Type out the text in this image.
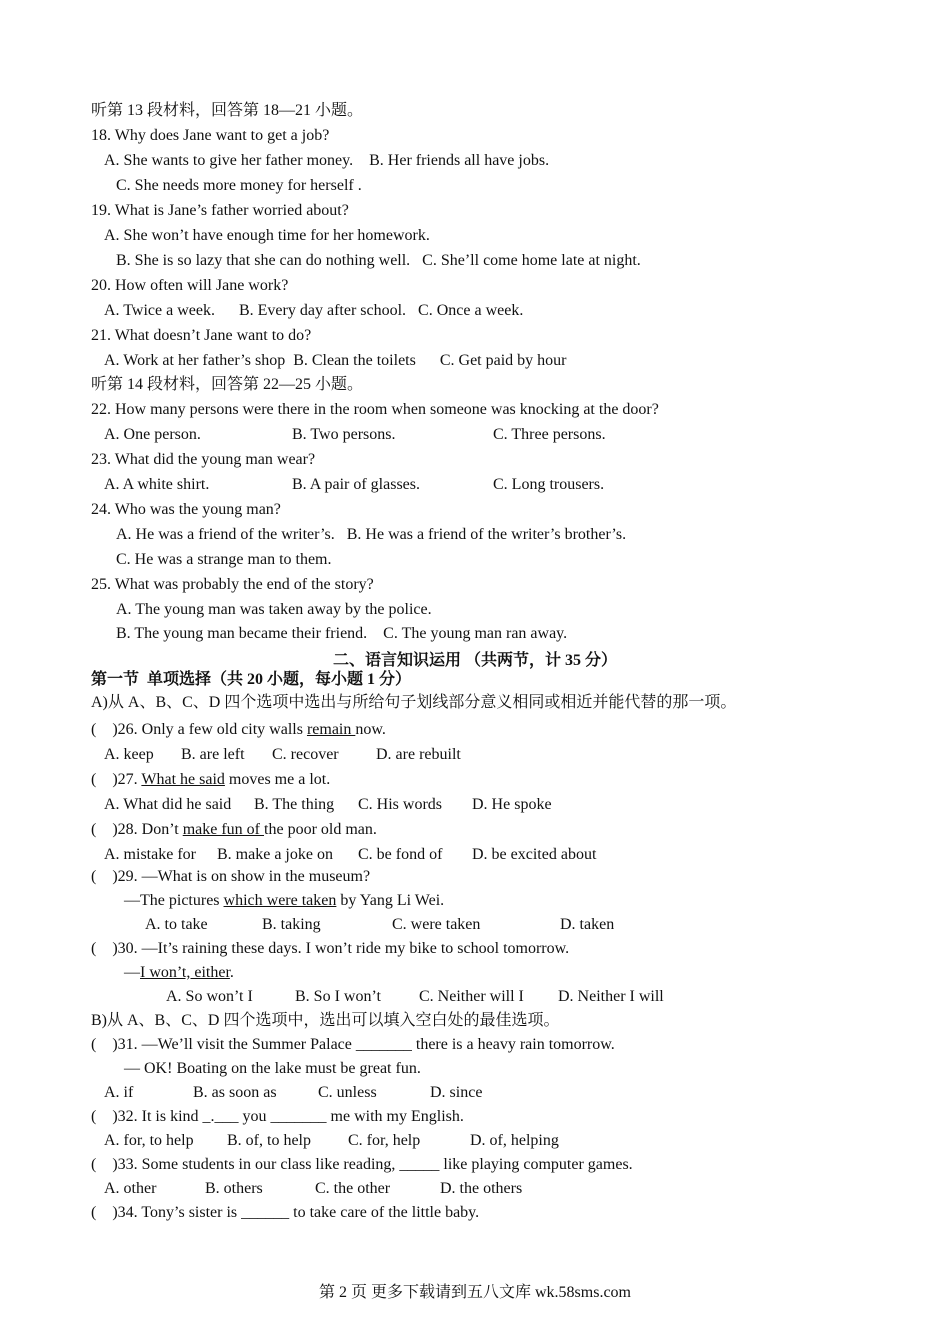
听第 13 段材料，回答第 18—21 小题。
18. Why does Jane want to get a job?
A. She wants to give her father money.    B. Her friends all have jobs.
C. She needs more money for herself .
19. What is Jane’s father worried about?
A. She won’t have enough time for her homework.
B. She is so lazy that she can do nothing well.   C. She’ll come home late at night.
20. How often will Jane work?
A. Twice a week.      B. Every day after school.   C. Once a week.
21. What doesn’t Jane want to do?
A. Work at her father’s shop  B. Clean the toilets      C. Get paid by hour
听第 14 段材料，回答第 22—25 小题。
22. How many persons were there in the room when someone was knocking at the door?
A. One person.	B. Two persons.	C. Three persons.
23. What did the young man wear?
A. A white shirt.	B. A pair of glasses.	C. Long trousers.
24. Who was the young man?
A. He was a friend of the writer’s.   B. He was a friend of the writer’s brother’s.
C. He was a strange man to them.
25. What was probably the end of the story?
A. The young man was taken away by the police.
B. The young man became their friend.    C. The young man ran away.
二、语言知识运用 （共两节，计 35 分）
第一节  单项选择（共 20 小题，每小题 1 分）
A)从 A、B、C、D 四个选项中选出与所给句子划线部分意义相同或相近并能代替的那一项。
(    )26. Only a few old city walls remain now.
A. keep B. are left C. recover D. are rebuilt
(    )27. What he said moves me a lot.
A. What did he said B. The thing C. His words D. He spoke
(    )28. Don’t make fun of the poor old man.
A. mistake for B. make a joke on C. be fond of D. be excited about
(    )29. —What is on show in the museum?
—The pictures which were taken by Yang Li Wei.
A. to take	B. taking	C. were taken	D. taken
(    )30. —It’s raining these days. I won’t ride my bike to school tomorrow.
—I won’t, either.
A. So won’t I	B. So I won’t C. Neither will I D. Neither I will
B)从 A、B、C、D 四个选项中，选出可以填入空白处的最佳选项。
(    )31. —We’ll visit the Summer Palace _______ there is a heavy rain tomorrow.
— OK! Boating on the lake must be great fun.
A. if	B. as soon as	C. unless	D. since
(    )32. It is kind _.___ you _______ me with my English.
A. for, to help B. of, to help C. for, help	D. of, helping
(    )33. Some students in our class like reading, _____ like playing computer games.
A. other	B. others	C. the other	D. the others
(    )34. Tony’s sister is ______ to take care of the little baby.
第 2 页 更多下载请到五八文库 wk.58sms.com
